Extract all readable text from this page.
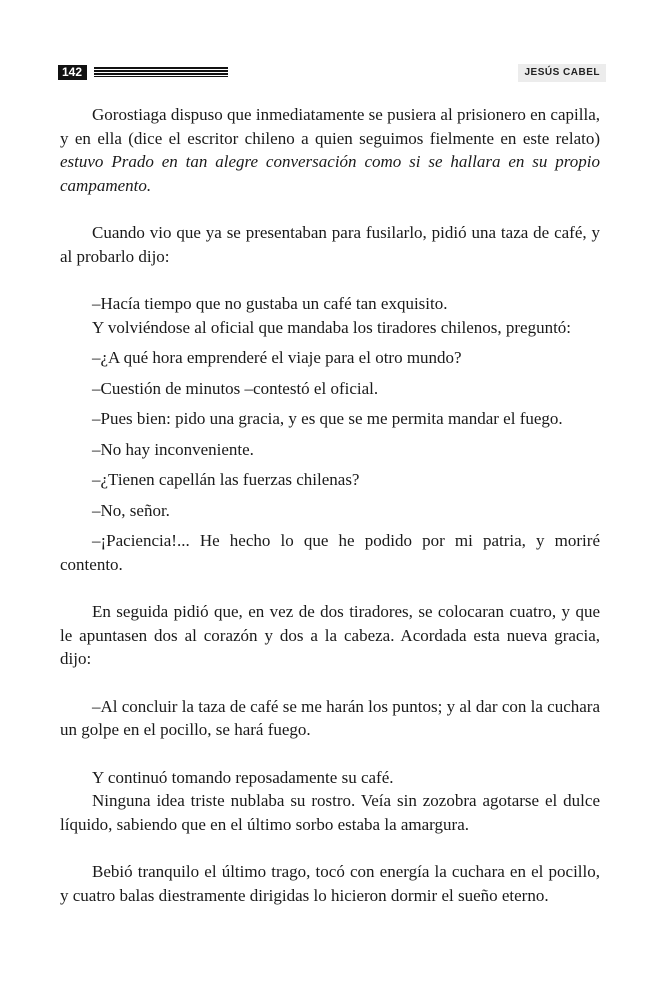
142	JESÚS CABEL

Gorostiaga dispuso que inmediatamente se pusiera al prisionero en capilla, y en ella (dice el escritor chileno a quien seguimos fielmente en este relato) estuvo Prado en tan alegre conversación como si se hallara en su propio campamento.

Cuando vio que ya se presentaban para fusilarlo, pidió una taza de café, y al probarlo dijo:

–Hacía tiempo que no gustaba un café tan exquisito.

Y volviéndose al oficial que mandaba los tiradores chilenos, preguntó:

–¿A qué hora emprenderé el viaje para el otro mundo?

–Cuestión de minutos –contestó el oficial.

–Pues bien: pido una gracia, y es que se me permita mandar el fuego.

–No hay inconveniente.

–¿Tienen capellán las fuerzas chilenas?

–No, señor.

–¡Paciencia!... He hecho lo que he podido por mi patria, y moriré contento.

En seguida pidió que, en vez de dos tiradores, se colocaran cuatro, y que le apuntasen dos al corazón y dos a la cabeza. Acordada esta nueva gracia, dijo:

–Al concluir la taza de café se me harán los puntos; y al dar con la cuchara un golpe en el pocillo, se hará fuego.

Y continuó tomando reposadamente su café.

Ninguna idea triste nublaba su rostro. Veía sin zozobra agotarse el dulce líquido, sabiendo que en el último sorbo estaba la amargura.

Bebió tranquilo el último trago, tocó con energía la cuchara en el pocillo, y cuatro balas diestramente dirigidas lo hicieron dormir el sueño eterno.
